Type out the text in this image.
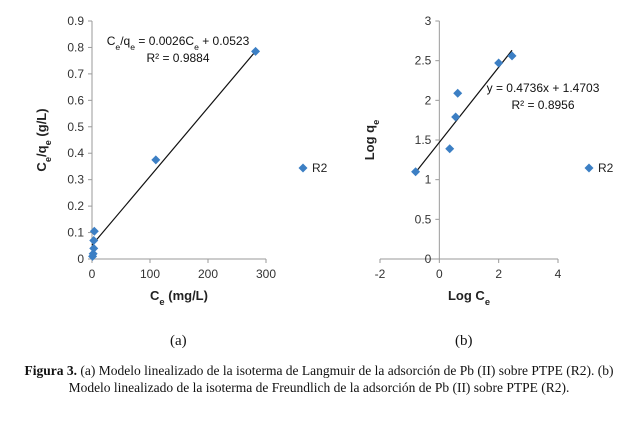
0
0.1
0.2
0.3
0.4
0.5
0.6
0.7
0.8
0.9
0	100	200	300
$C_e/q_e = 0.0026C_e + 0.0523$
R² = 0.9884
$C_e$ (mg/L)
$C_e/q_e$ (g/L)
R2
0
0.5
1
1.5
2
2.5
3
-2	0	2	4
y = 0.4736x + 1.4703
R² = 0.8956
Log $C_e$
Log $q_e$
R2
(a)	(b)
Figura 3. (a) Modelo linealizado de la isoterma de Langmuir de la adsorción de Pb (II) sobre PTPE (R2). (b) Modelo linealizado de la isoterma de Freundlich de la adsorción de Pb (II) sobre PTPE (R2).
